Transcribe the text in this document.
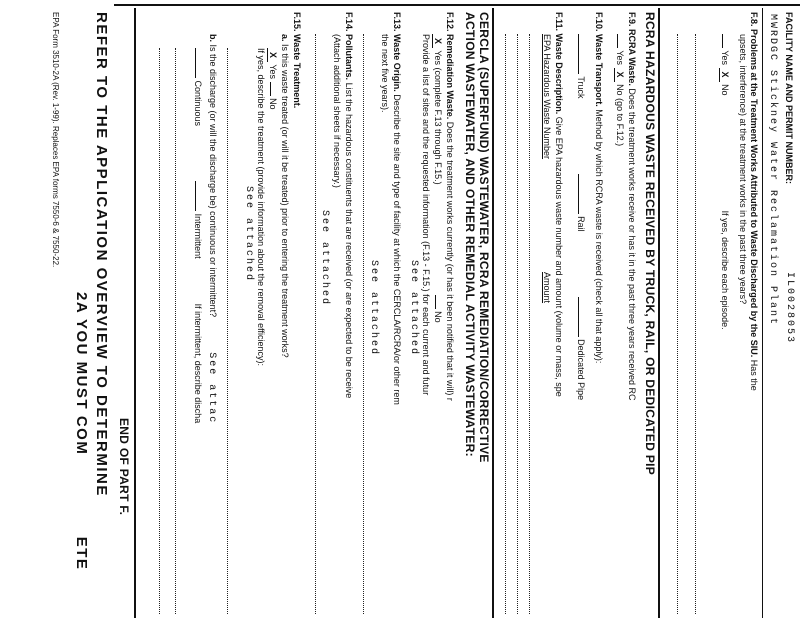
FACILITY NAME AND PERMIT NUMBER:
IL0028053
MWRDGC Stickney Water Reclamation Plant
F.8. Problems at the Treatment Works Attributed to Waste Discharged by the SIU. Has the
upsets, interference) at the treatment works in the past three years?
Yes X No  If yes, describe each episode.
RCRA HAZARDOUS WASTE RECEIVED BY TRUCK, RAIL, OR DEDICATED PIP
F.9. RCRA Waste. Does the treatment works receive or has it in the past three years received RC
Yes X No (go to F.12.)
F.10. Waste Transport. Method by which RCRA waste is received (check all that apply):
Truck   Rail   Dedicated Pipe
F.11. Waste Description. Give EPA hazardous waste number and amount (volume or mass, spe
EPA Hazardous Waste Number
Amount
CERCLA (SUPERFUND) WASTEWATER, RCRA REMEDIATION/CORRECTIVE
ACTION WASTEWATER, AND OTHER REMEDIAL ACTIVITY WASTEWATER:
F.12. Remediation Waste. Does the treatment works currently (or has it been notified that it will) r
X Yes (complete F.13 through F.15.)   No
Provide a list of sites and the requested information (F.13 - F.15.) for each current and futur
See attached
F.13. Waste Origin. Describe the site and type of facility at which the CERCLA/RCRA/or other rem
the next five years).
See attached
F.14. Pollutants. List the hazardous constituents that are received (or are expected to be receive
(Attach additional sheets if necessary.)
See attached
F.15. Waste Treatment.
a. Is this waste treated (or will it be treated) prior to entering the treatment works?
X Yes  No
If yes, describe the treatment (provide information about the removal efficiency):
See attached
b. Is the discharge (or will the discharge be) continuous or intermittent?  See attac
Continuous   Intermittent  If intermittent, describe discha
END OF PART F.
REFER TO THE APPLICATION OVERVIEW TO DETERMINE
2A YOU MUST COM  ETE
EPA Form 3510-2A (Rev. 1-99). Replaces EPA forms 7550-6 & 7550-22.
